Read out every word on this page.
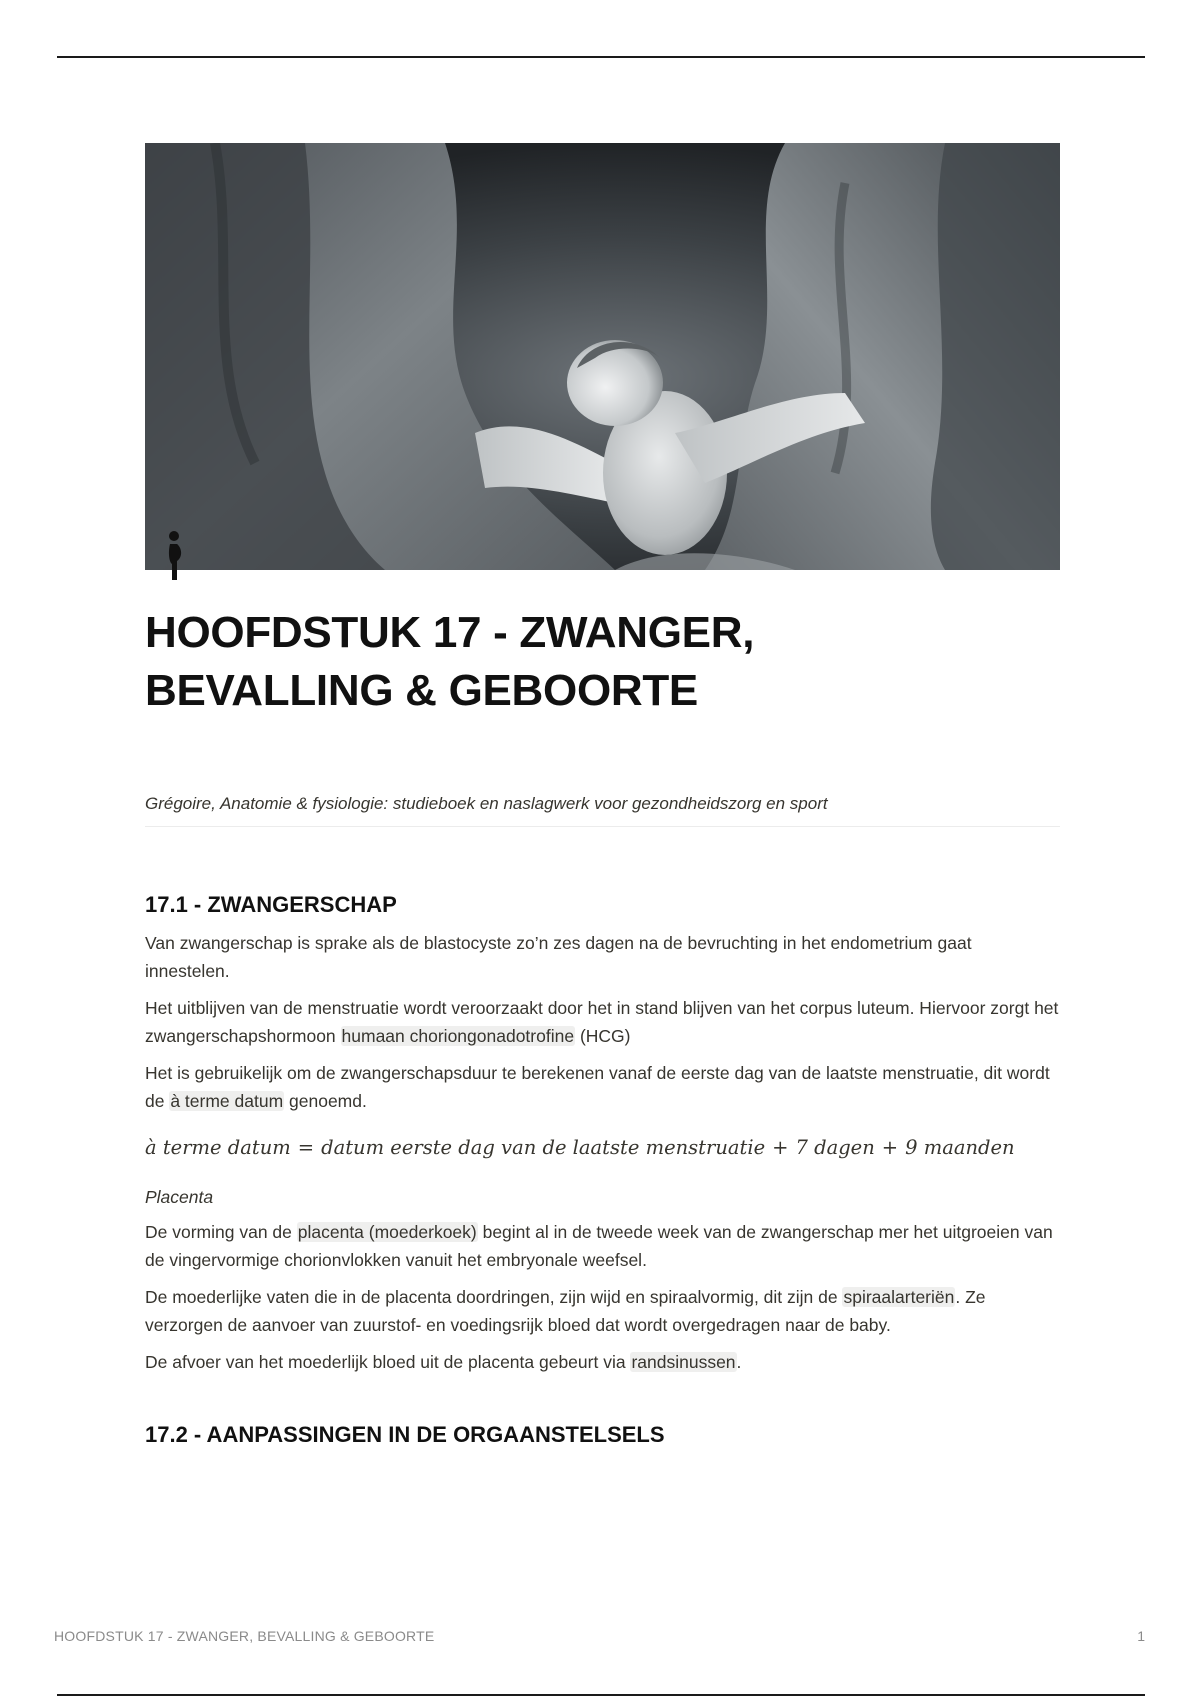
HOOFDSTUK 17 - ZWANGER,
BEVALLING & GEBOORTE
Grégoire, Anatomie & fysiologie: studieboek en naslagwerk voor gezondheidszorg en sport
17.1 - ZWANGERSCHAP

Van zwangerschap is sprake als de blastocyste zo’n zes dagen na de bevruchting in het endometrium gaat innestelen.

Het uitblijven van de menstruatie wordt veroorzaakt door het in stand blijven van het corpus luteum. Hiervoor zorgt het zwangerschapshormoon humaan choriongonadotrofine (HCG)

Het is gebruikelijk om de zwangerschapsduur te berekenen vanaf de eerste dag van de laatste menstruatie, dit wordt de à terme datum genoemd.

à terme datum = datum eerste dag van de laatste menstruatie + 7 dagen + 9 maanden
Placenta

De vorming van de placenta (moederkoek) begint al in de tweede week van de zwangerschap mer het uitgroeien van de vingervormige chorionvlokken vanuit het embryonale weefsel.

De moederlijke vaten die in de placenta doordringen, zijn wijd en spiraalvormig, dit zijn de spiraalarteriën. Ze verzorgen de aanvoer van zuurstof- en voedingsrijk bloed dat wordt overgedragen naar de baby.

De afvoer van het moederlijk bloed uit de placenta gebeurt via randsinussen.

17.2 - AANPASSINGEN IN DE ORGAANSTELSELS
HOOFDSTUK 17 - ZWANGER, BEVALLING & GEBOORTE	1
